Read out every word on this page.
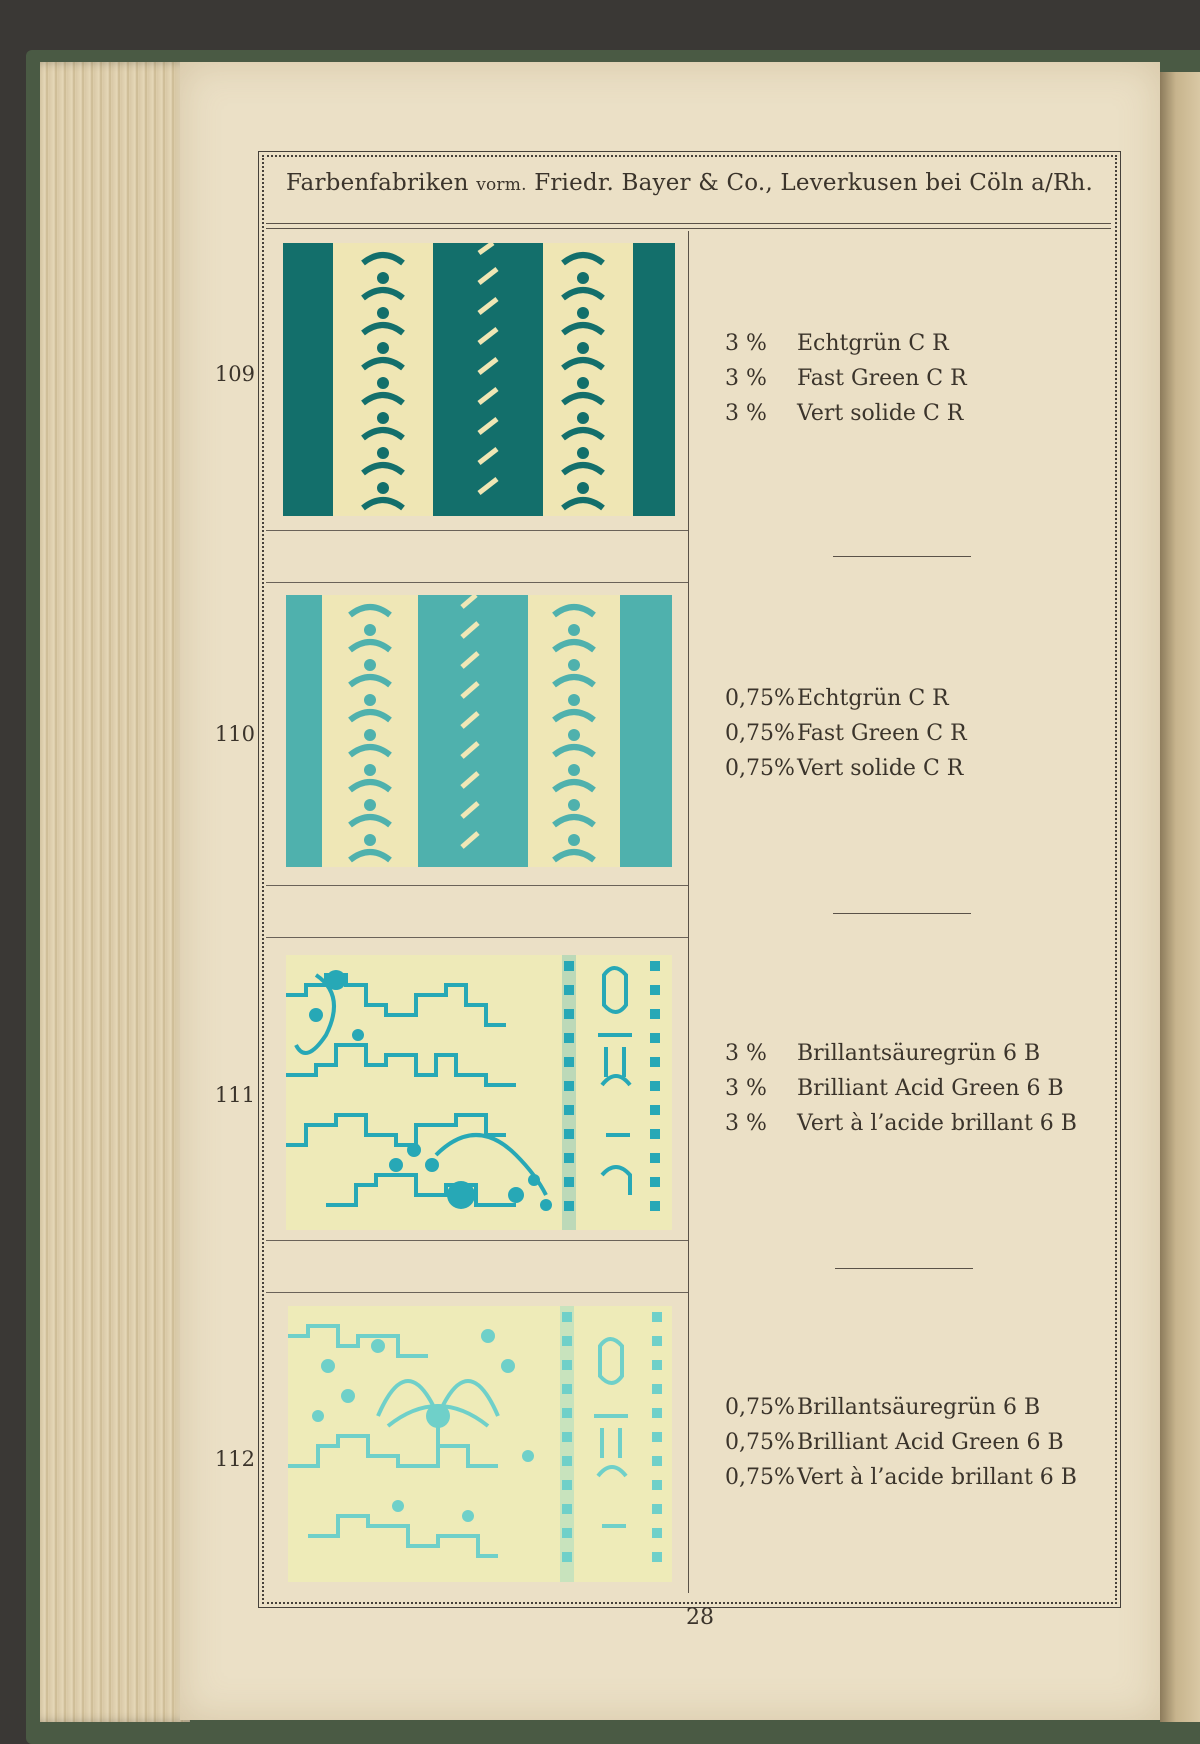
Farbenfabriken vorm. Friedr. Bayer & Co., Leverkusen bei Cöln a/Rh.
109
3 % Echtgrün C R
3 % Fast Green C R
3 % Vert solide C R
110
0,75%Echtgrün C R
0,75%Fast Green C R
0,75%Vert solide C R
111
3 % Brillantsäuregrün 6 B
3 % Brilliant Acid Green 6 B
3 % Vert à l’acide brillant 6 B
112
0,75%Brillantsäuregrün 6 B
0,75%Brilliant Acid Green 6 B
0,75%Vert à l’acide brillant 6 B
28
